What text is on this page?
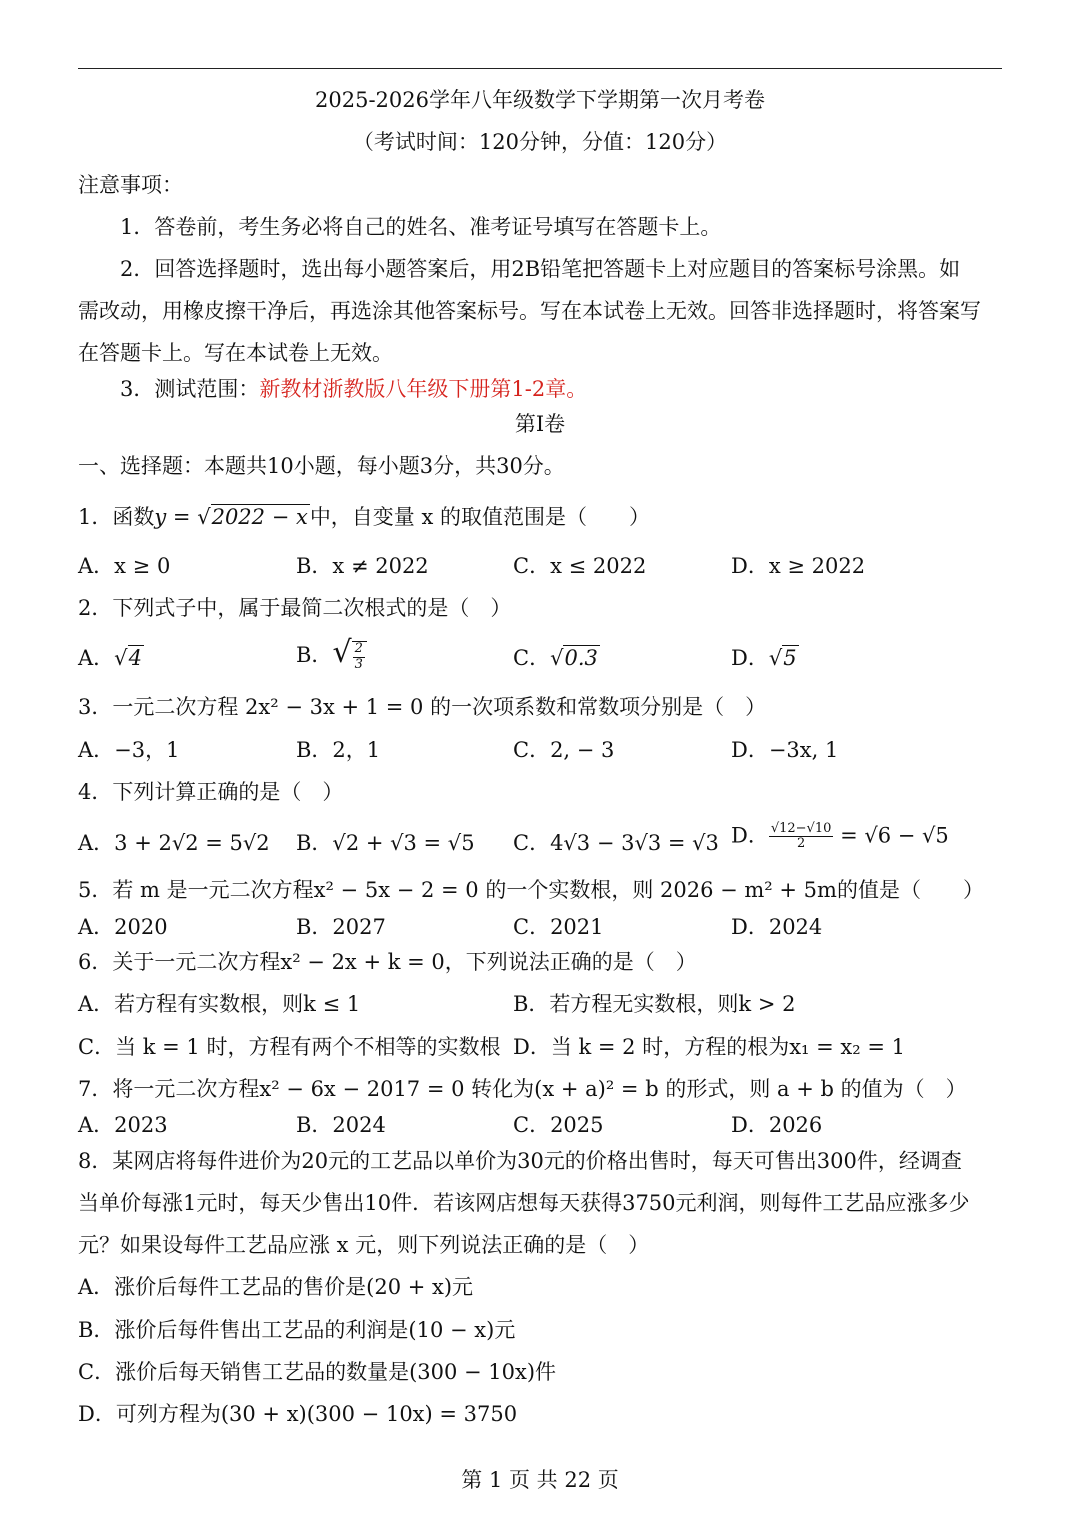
2025-2026学年八年级数学下学期第一次月考卷
（考试时间：120分钟，分值：120分）
注意事项：
1．答卷前，考生务必将自己的姓名、准考证号填写在答题卡上。
2．回答选择题时，选出每小题答案后，用2B铅笔把答题卡上对应题目的答案标号涂黑。如
需改动，用橡皮擦干净后，再选涂其他答案标号。写在本试卷上无效。回答非选择题时，将答案写
在答题卡上。写在本试卷上无效。
3．测试范围：新教材浙教版八年级下册第1-2章。
第Ⅰ卷
一、选择题：本题共10小题，每小题3分，共30分。
1．函数y = √2022 − x中，自变量 x 的取值范围是（　　）
A．x ≥ 0	B．x ≠ 2022	C．x ≤ 2022	D．x ≥ 2022
2．下列式子中，属于最简二次根式的是（　）
A．√4	B．√ $\frac{2}{3}$	C．√0.3	D．√5
3．一元二次方程 2x² − 3x + 1 = 0 的一次项系数和常数项分别是（　）
A．−3，1	B．2，1	C．2, − 3	D．−3x, 1
4．下列计算正确的是（　）
A．3 + 2√2 = 5√2 B．√2 + √3 = √5 C．4√3 − 3√3 = √3 D． $\frac{√12-√10}{2} = √6 - √5$
5．若 m 是一元二次方程x² − 5x − 2 = 0 的一个实数根，则 2026 − m² + 5m的值是（　　）
A．2020	B．2027	C．2021	D．2024
6．关于一元二次方程x² − 2x + k = 0，下列说法正确的是（　）
A．若方程有实数根，则k ≤ 1	B．若方程无实数根，则k > 2
C．当 k = 1 时，方程有两个不相等的实数根 D．当 k = 2 时，方程的根为x₁ = x₂ = 1
7．将一元二次方程x² − 6x − 2017 = 0 转化为(x + a)² = b 的形式，则 a + b 的值为（　）
A．2023	B．2024	C．2025	D．2026
8．某网店将每件进价为20元的工艺品以单价为30元的价格出售时，每天可售出300件，经调查
当单价每涨1元时，每天少售出10件．若该网店想每天获得3750元利润，则每件工艺品应涨多少
元？如果设每件工艺品应涨 x 元，则下列说法正确的是（　）
A．涨价后每件工艺品的售价是(20 + x)元
B．涨价后每件售出工艺品的利润是(10 − x)元
C．涨价后每天销售工艺品的数量是(300 − 10x)件
D．可列方程为(30 + x)(300 − 10x) = 3750
第 1 页 共 22 页
